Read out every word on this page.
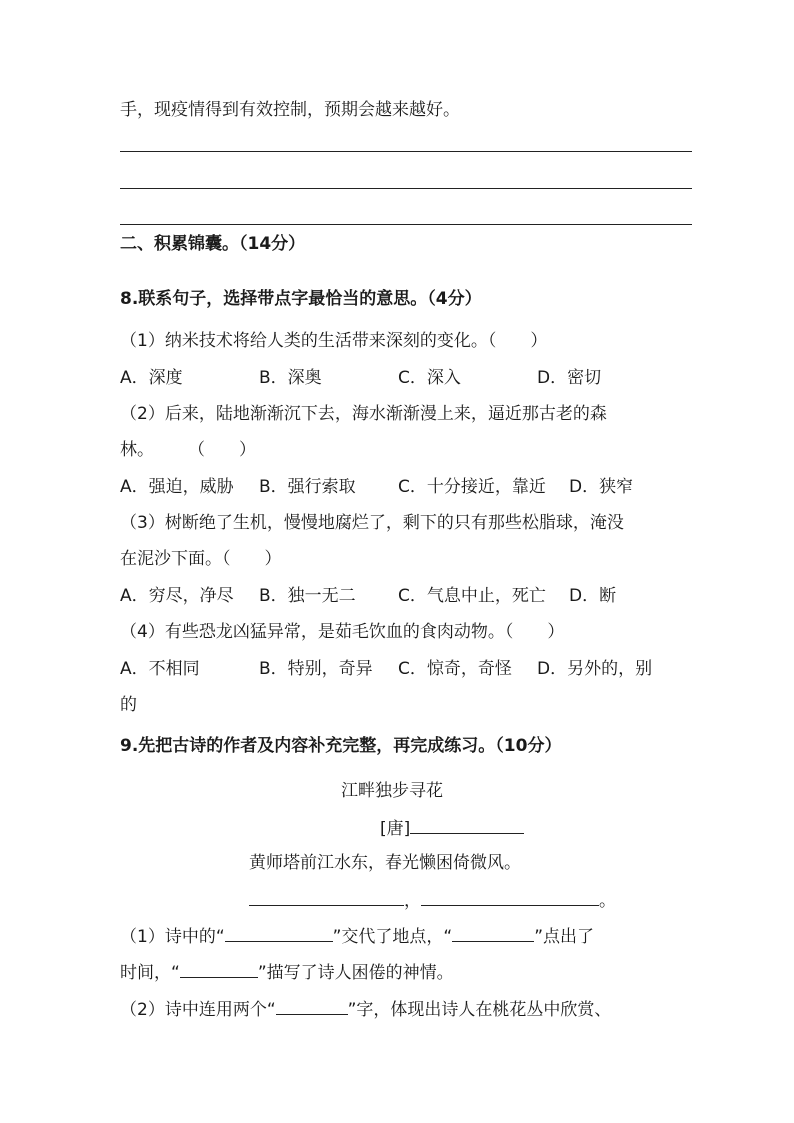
手，现疫情得到有效控制，预期会越来越好。
二、积累锦囊。（14分）
8.联系句子，选择带点字最恰当的意思。（4分）
（1）纳米技术将给人类的生活带来深刻的变化。（　　）
A．深度	B．深奥	C．深入	D．密切
（2）后来，陆地渐渐沉下去，海水渐渐漫上来，逼近那古老的森
林。　　　（　　）
A．强迫，威胁 B．强行索取 C．十分接近，靠近 D．狭窄
（3）树断绝了生机，慢慢地腐烂了，剩下的只有那些松脂球，淹没
在泥沙下面。（　　）
A．穷尽，净尽 B．独一无二 C．气息中止，死亡 D．断
（4）有些恐龙凶猛异常，是茹毛饮血的食肉动物。（　　）
A．不相同	B．特别，奇异 C．惊奇，奇怪 D．另外的，别
的
9.先把古诗的作者及内容补充完整，再完成练习。（10分）
江畔独步寻花
[唐]
黄师塔前江水东，春光懒困倚微风。
，	。
（1）诗中的“	”交代了地点，“	”点出了
时间，“	”描写了诗人困倦的神情。
（2）诗中连用两个“	”字，体现出诗人在桃花丛中欣赏、
